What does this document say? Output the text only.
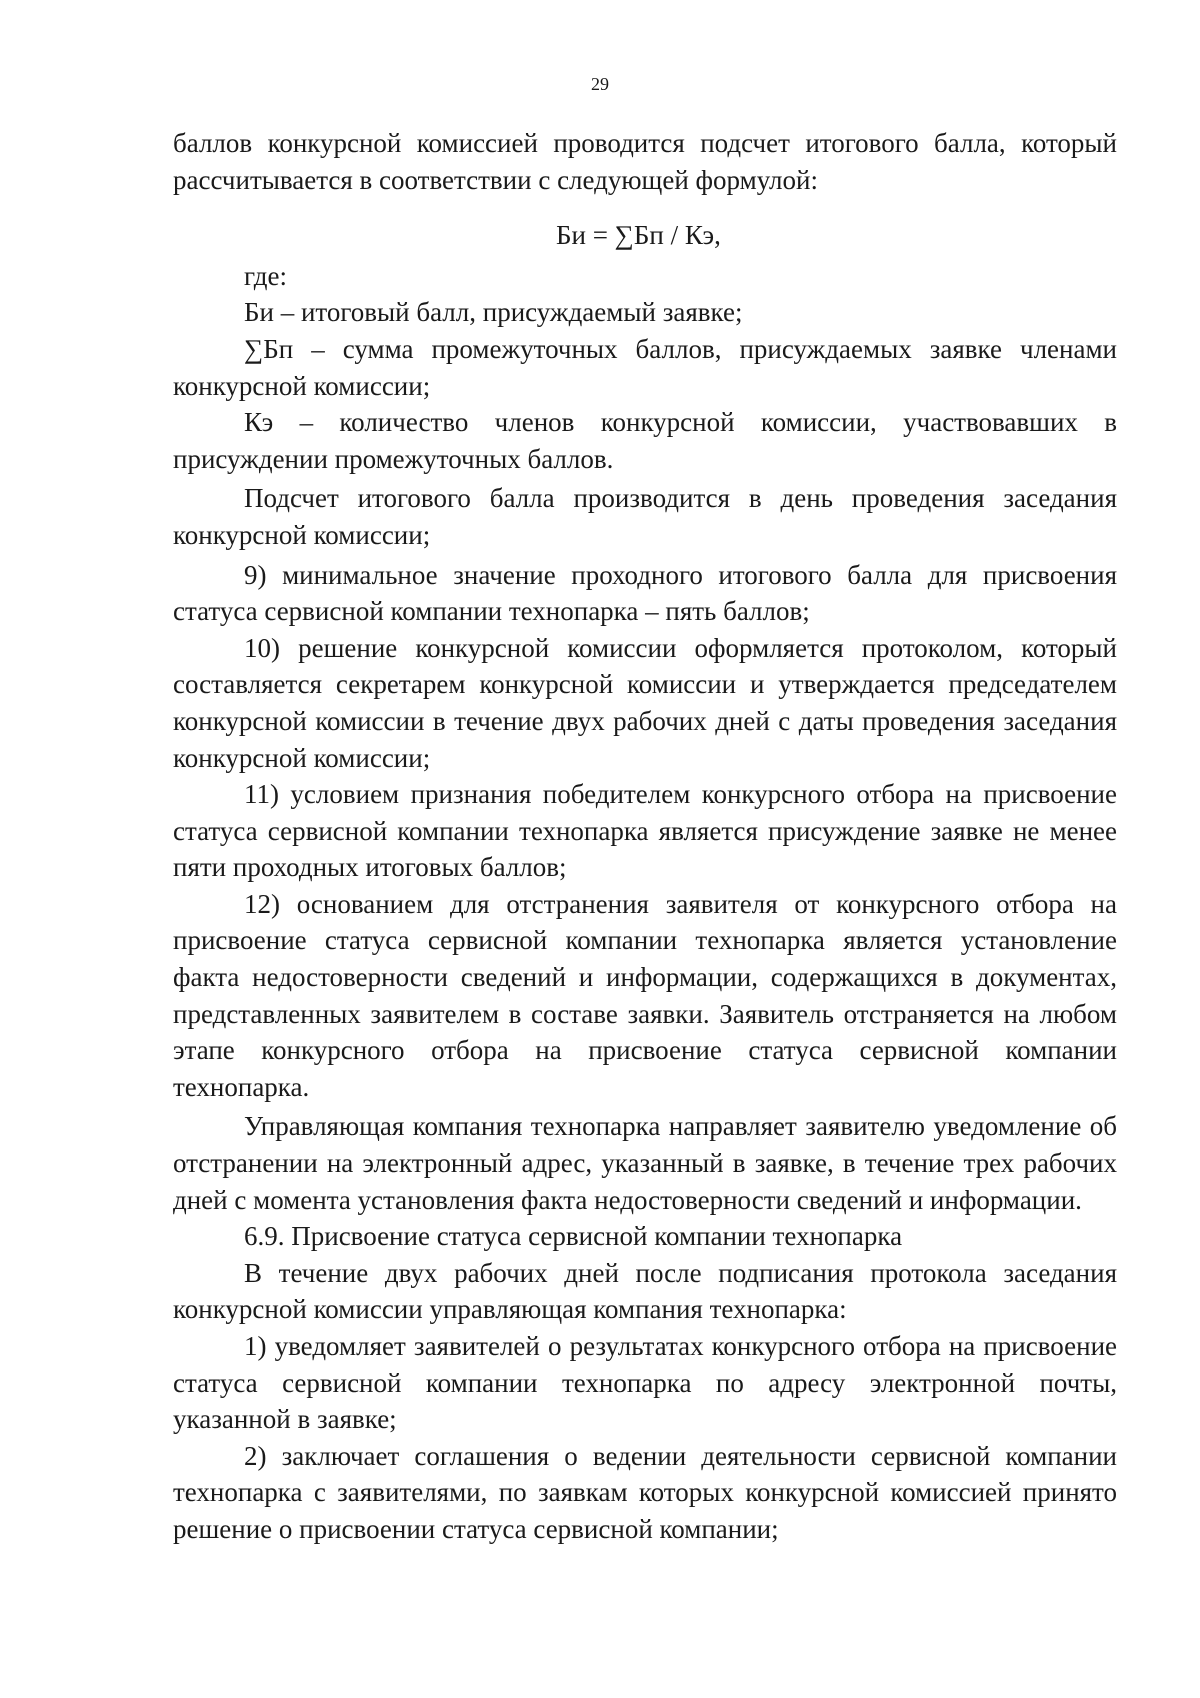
29

баллов конкурсной комиссией проводится подсчет итогового балла, который рассчитывается в соответствии с следующей формулой:

Би = ∑Бп / Кэ,

где:

Би – итоговый балл, присуждаемый заявке;

∑Бп – сумма промежуточных баллов, присуждаемых заявке членами конкурсной комиссии;

Кэ – количество членов конкурсной комиссии, участвовавших в присуждении промежуточных баллов.

Подсчет итогового балла производится в день проведения заседания конкурсной комиссии;

9) минимальное значение проходного итогового балла для присвоения статуса сервисной компании технопарка – пять баллов;

10) решение конкурсной комиссии оформляется протоколом, который составляется секретарем конкурсной комиссии и утверждается председателем конкурсной комиссии в течение двух рабочих дней с даты проведения заседания конкурсной комиссии;

11) условием признания победителем конкурсного отбора на присвоение статуса сервисной компании технопарка является присуждение заявке не менее пяти проходных итоговых баллов;

12) основанием для отстранения заявителя от конкурсного отбора на присвоение статуса сервисной компании технопарка является установление факта недостоверности сведений и информации, содержащихся в документах, представленных заявителем в составе заявки. Заявитель отстраняется на любом этапе конкурсного отбора на присвоение статуса сервисной компании технопарка.

Управляющая компания технопарка направляет заявителю уведомление об отстранении на электронный адрес, указанный в заявке, в течение трех рабочих дней с момента установления факта недостоверности сведений и информации.

6.9. Присвоение статуса сервисной компании технопарка

В течение двух рабочих дней после подписания протокола заседания конкурсной комиссии управляющая компания технопарка:

1) уведомляет заявителей о результатах конкурсного отбора на присвоение статуса сервисной компании технопарка по адресу электронной почты, указанной в заявке;

2) заключает соглашения о ведении деятельности сервисной компании технопарка с заявителями, по заявкам которых конкурсной комиссией принято решение о присвоении статуса сервисной компании;
